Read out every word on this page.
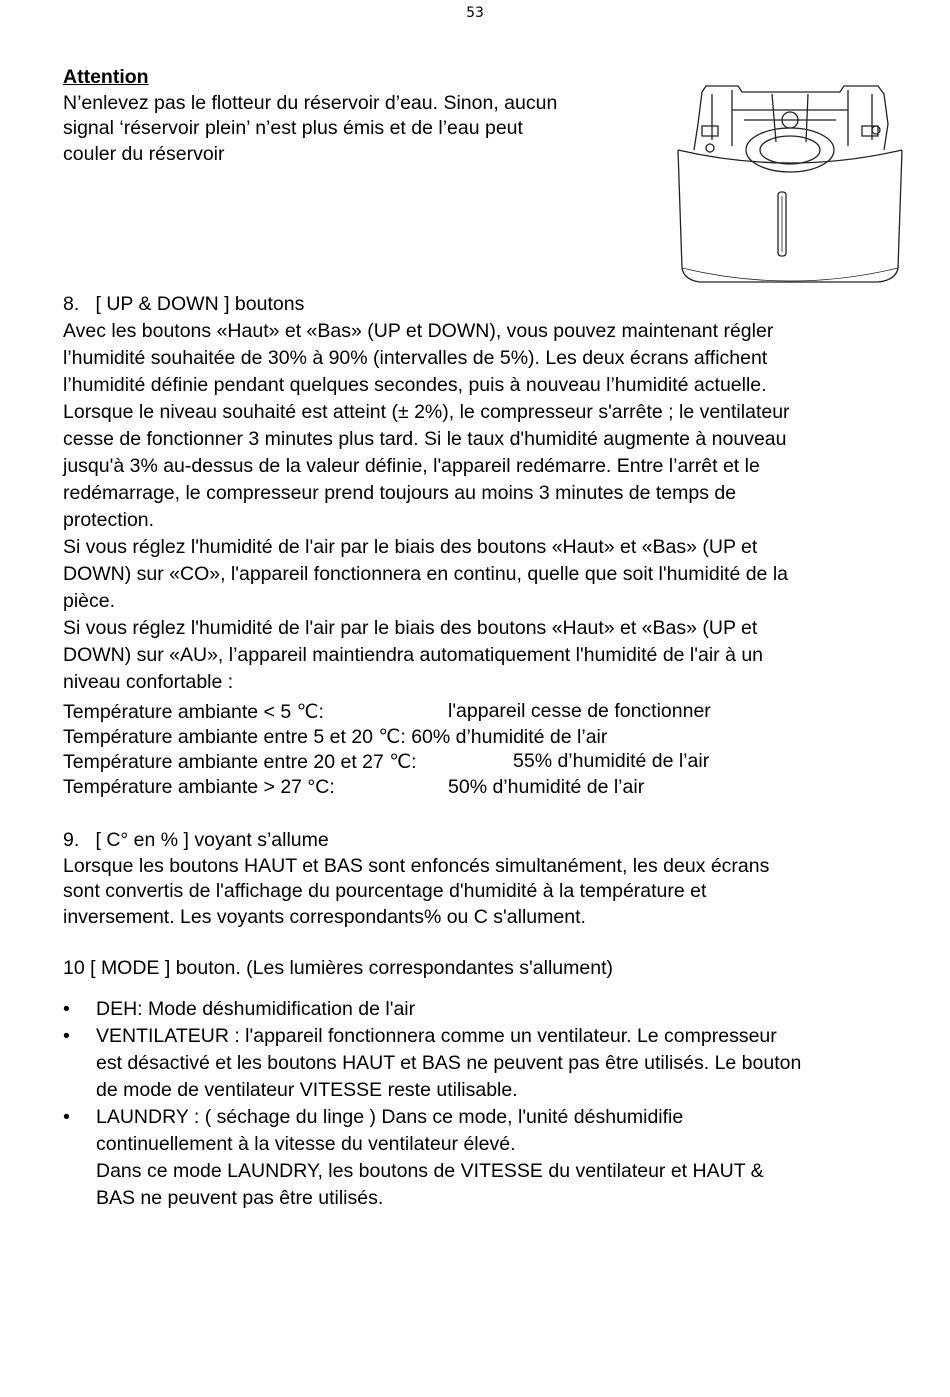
53
Attention
N’enlevez pas le flotteur du réservoir d’eau. Sinon, aucun
signal ‘réservoir plein’ n’est plus émis et de l’eau peut
couler du réservoir
8.   [ UP & DOWN ] boutons
Avec les boutons «Haut» et «Bas» (UP et DOWN), vous pouvez maintenant régler
l’humidité souhaitée de 30% à 90% (intervalles de 5%). Les deux écrans affichent
l’humidité définie pendant quelques secondes, puis à nouveau l’humidité actuelle.
Lorsque le niveau souhaité est atteint (± 2%), le compresseur s'arrête ; le ventilateur
cesse de fonctionner 3 minutes plus tard. Si le taux d'humidité augmente à nouveau
jusqu'à 3% au-dessus de la valeur définie, l'appareil redémarre. Entre l’arrêt et le
redémarrage, le compresseur prend toujours au moins 3 minutes de temps de
protection.
Si vous réglez l'humidité de l'air par le biais des boutons «Haut» et «Bas» (UP et
DOWN) sur «CO», l'appareil fonctionnera en continu, quelle que soit l'humidité de la
pièce.
Si vous réglez l'humidité de l'air par le biais des boutons «Haut» et «Bas» (UP et
DOWN) sur «AU», l’appareil maintiendra automatiquement l'humidité de l'air à un
niveau confortable :
Température ambiante < 5 ℃:	l'appareil cesse de fonctionner
Température ambiante entre 5 et 20 ℃: 60% d’humidité de l’air
Température ambiante entre 20 et 27 ℃:	55% d’humidité de l’air
Température ambiante > 27 °C:	50% d’humidité de l’air
9.   [ C° en % ] voyant s’allume
Lorsque les boutons HAUT et BAS sont enfoncés simultanément, les deux écrans
sont convertis de l'affichage du pourcentage d'humidité à la température et
inversement. Les voyants correspondants% ou C s'allument.
10 [ MODE ] bouton. (Les lumières correspondantes s'allument)
• DEH: Mode déshumidification de l'air
• VENTILATEUR : l'appareil fonctionnera comme un ventilateur. Le compresseur
est désactivé et les boutons HAUT et BAS ne peuvent pas être utilisés. Le bouton
de mode de ventilateur VITESSE reste utilisable.
• LAUNDRY : ( séchage du linge ) Dans ce mode, l'unité déshumidifie
continuellement à la vitesse du ventilateur élevé.
Dans ce mode LAUNDRY, les boutons de VITESSE du ventilateur et HAUT &
BAS ne peuvent pas être utilisés.
